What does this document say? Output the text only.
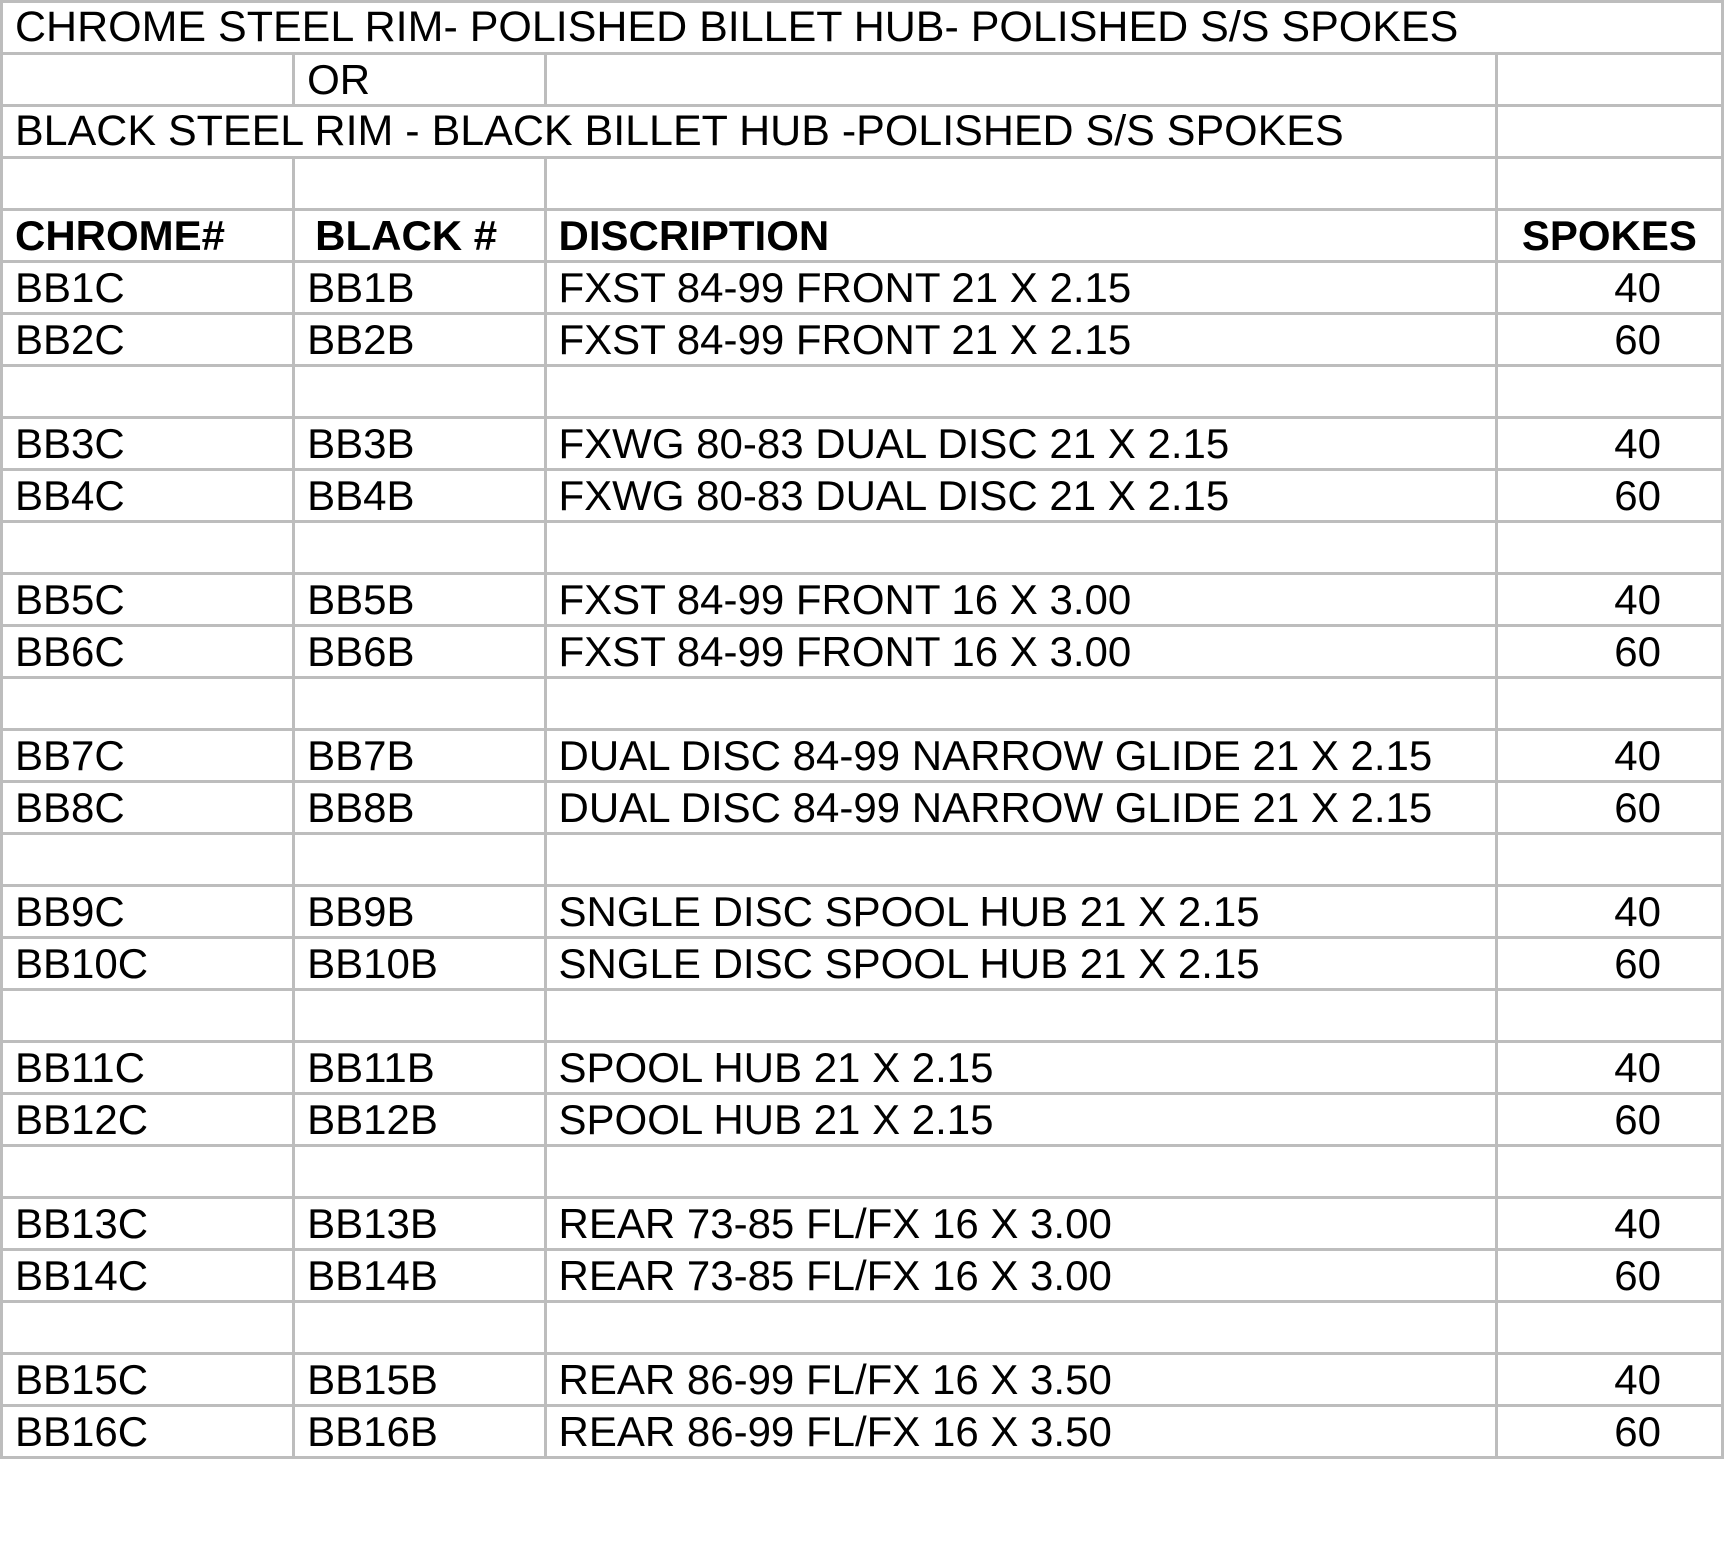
CHROME STEEL RIM- POLISHED BILLET HUB- POLISHED S/S SPOKES			
	OR		
BLACK STEEL RIM - BLACK BILLET HUB -POLISHED S/S SPOKES			

CHROME#	BLACK #	DISCRIPTION	SPOKES
BB1C	BB1B	FXST 84-99 FRONT 21 X 2.15	40
BB2C	BB2B	FXST 84-99 FRONT 21 X 2.15	60

BB3C	BB3B	FXWG 80-83 DUAL DISC 21 X 2.15	40
BB4C	BB4B	FXWG 80-83 DUAL DISC 21 X 2.15	60

BB5C	BB5B	FXST 84-99 FRONT 16 X 3.00	40
BB6C	BB6B	FXST 84-99 FRONT 16 X 3.00	60

BB7C	BB7B	DUAL DISC 84-99 NARROW GLIDE 21 X 2.15	40
BB8C	BB8B	DUAL DISC 84-99 NARROW GLIDE 21 X 2.15	60

BB9C	BB9B	SNGLE DISC SPOOL HUB 21 X 2.15	40
BB10C	BB10B	SNGLE DISC SPOOL HUB 21 X 2.15	60

BB11C	BB11B	SPOOL HUB 21 X 2.15	40
BB12C	BB12B	SPOOL HUB 21 X 2.15	60

BB13C	BB13B	REAR 73-85 FL/FX 16 X 3.00	40
BB14C	BB14B	REAR 73-85 FL/FX 16 X 3.00	60

BB15C	BB15B	REAR 86-99 FL/FX 16 X 3.50	40
BB16C	BB16B	REAR 86-99 FL/FX 16 X 3.50	60
